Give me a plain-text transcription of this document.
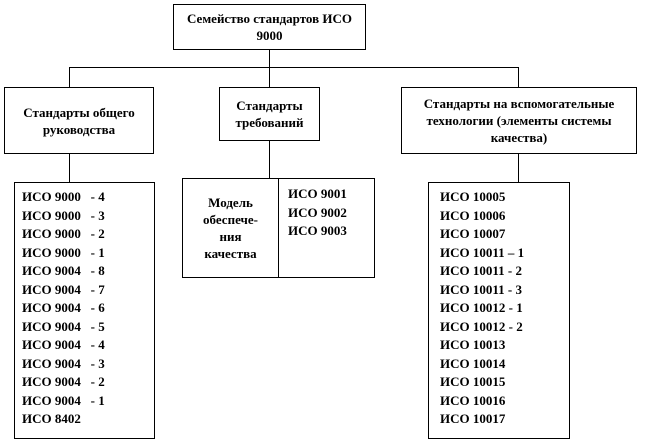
Семейство стандартов ИСО 9000
Стандарты общего руководства
Стандарты требований
Стандарты на вспомогательные технологии (элементы системы качества)
ИСО 9000   - 4
ИСО 9000   - 3
ИСО 9000   - 2
ИСО 9000   - 1
ИСО 9004   - 8
ИСО 9004   - 7
ИСО 9004   - 6
ИСО 9004   - 5
ИСО 9004   - 4
ИСО 9004   - 3
ИСО 9004   - 2
ИСО 9004   - 1
ИСО 8402
Модель обеспече-ния качества
ИСО 9001
ИСО 9002
ИСО 9003
ИСО 10005
ИСО 10006
ИСО 10007
ИСО 10011 – 1
ИСО 10011 - 2
ИСО 10011 - 3
ИСО 10012 - 1
ИСО 10012 - 2
ИСО 10013
ИСО 10014
ИСО 10015
ИСО 10016
ИСО 10017
